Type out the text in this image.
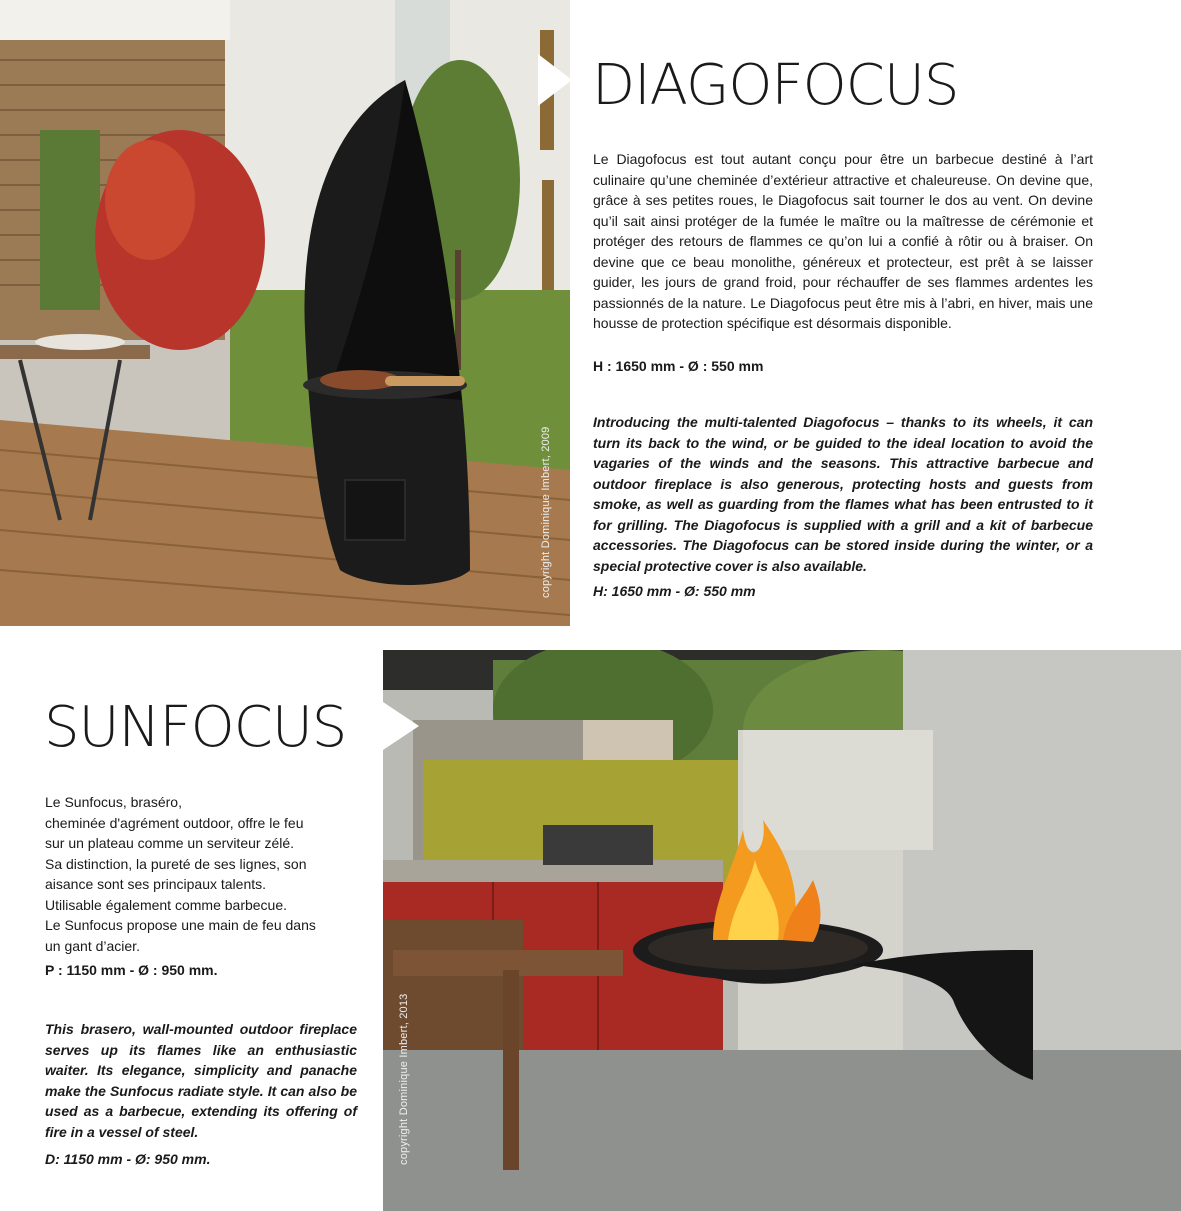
copyright Dominique Imbert, 2009
DIAGOFOCUS

Le Diagofocus est tout autant conçu pour être un barbecue destiné à l’art culinaire qu’une cheminée d’extérieur attractive et chaleureuse. On devine que, grâce à ses petites roues, le Diagofocus sait tourner le dos au vent. On devine qu’il sait ainsi protéger de la fumée le maître ou la maîtresse de cérémonie et protéger des retours de flammes ce qu’on lui a confié à rôtir ou à braiser. On devine que ce beau monolithe, généreux et protecteur, est prêt à se laisser guider, les jours de grand froid, pour réchauffer de ses flammes ardentes les passionnés de la nature. Le Diagofocus peut être mis à l’abri, en hiver, mais une housse de protection spécifique est désormais disponible.

H : 1650 mm - Ø : 550 mm

Introducing the multi-talented Diagofocus – thanks to its wheels, it can turn its back to the wind, or be guided to the ideal location to avoid the vagaries of the winds and the seasons. This attractive barbecue and outdoor fireplace is also generous, protecting hosts and guests from smoke, as well as guarding from the flames what has been entrusted to it for grilling. The Diagofocus is supplied with a grill and a kit of barbecue accessories. The Diagofocus can be stored inside during the winter, or a special protective cover is also available.

H: 1650 mm - Ø: 550 mm

copyright Dominique Imbert, 2013
SUNFOCUS
Le Sunfocus, braséro,
cheminée d'agrément outdoor, offre le feu
sur un plateau comme un serviteur zélé.
Sa distinction, la pureté de ses lignes, son
aisance sont ses principaux talents.
Utilisable également comme barbecue.
Le Sunfocus propose une main de feu dans
un gant d’acier.

P : 1150 mm - Ø : 950 mm.

This brasero, wall-mounted outdoor fireplace serves up its flames like an enthusiastic waiter. Its elegance, simplicity and panache make the Sunfocus radiate style. It can also be used as a barbecue, extending its offering of fire in a vessel of steel.

D: 1150 mm - Ø: 950 mm.
